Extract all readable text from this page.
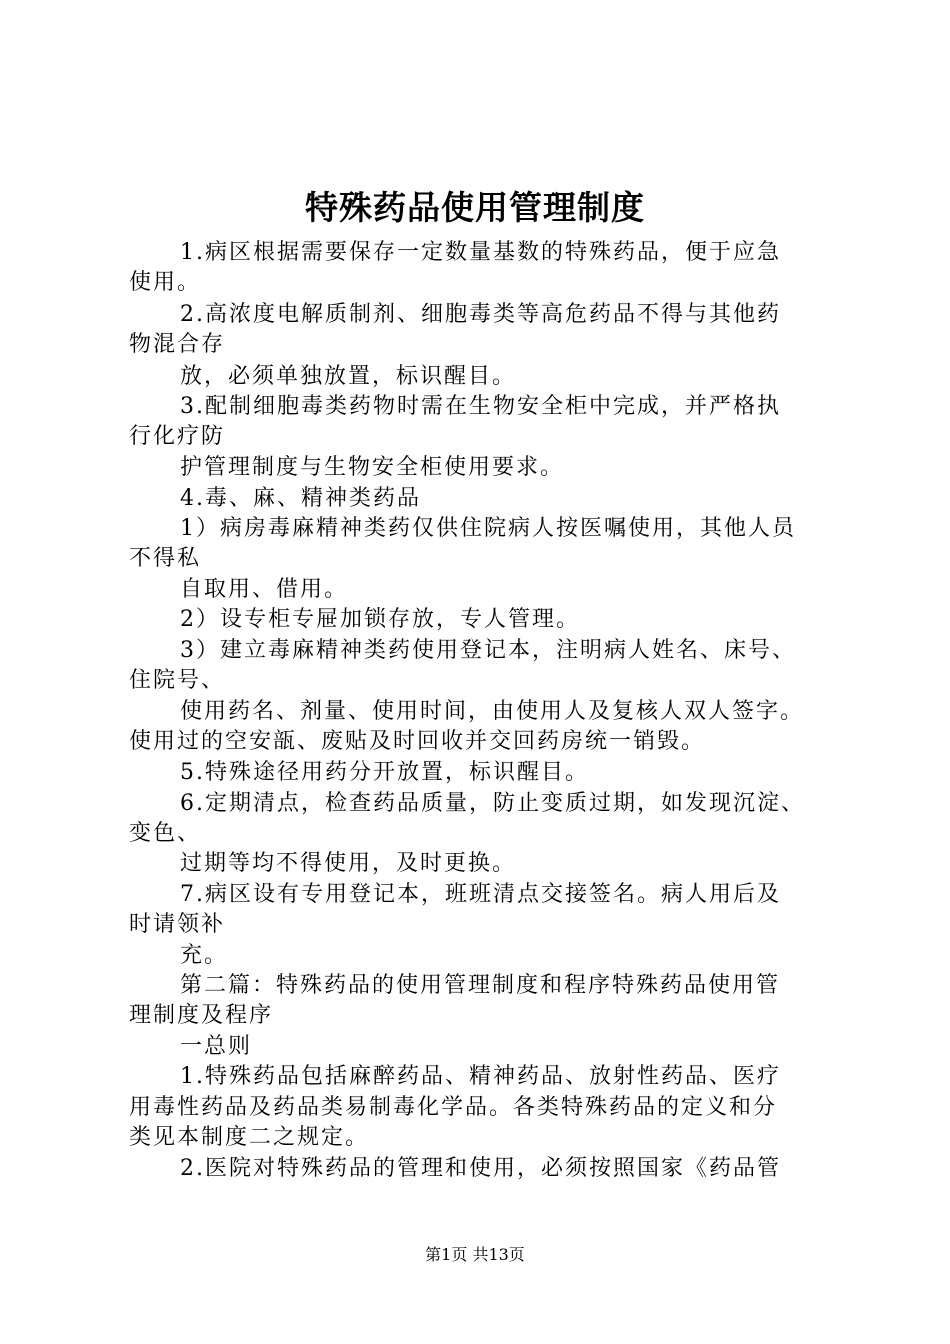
特殊药品使用管理制度
1.病区根据需要保存一定数量基数的特殊药品，便于应急
使用。
2.高浓度电解质制剂、细胞毒类等高危药品不得与其他药
物混合存
放，必须单独放置，标识醒目。
3.配制细胞毒类药物时需在生物安全柜中完成，并严格执
行化疗防
护管理制度与生物安全柜使用要求。
4.毒、麻、精神类药品
1）病房毒麻精神类药仅供住院病人按医嘱使用，其他人员
不得私
自取用、借用。
2）设专柜专屉加锁存放，专人管理。
3）建立毒麻精神类药使用登记本，注明病人姓名、床号、
住院号、
使用药名、剂量、使用时间，由使用人及复核人双人签字。
使用过的空安瓿、废贴及时回收并交回药房统一销毁。
5.特殊途径用药分开放置，标识醒目。
6.定期清点，检查药品质量，防止变质过期，如发现沉淀、
变色、
过期等均不得使用，及时更换。
7.病区设有专用登记本，班班清点交接签名。病人用后及
时请领补
充。
第二篇：特殊药品的使用管理制度和程序特殊药品使用管
理制度及程序
一总则
1.特殊药品包括麻醉药品、精神药品、放射性药品、医疗
用毒性药品及药品类易制毒化学品。各类特殊药品的定义和分
类见本制度二之规定。
2.医院对特殊药品的管理和使用，必须按照国家《药品管
第1页 共13页
